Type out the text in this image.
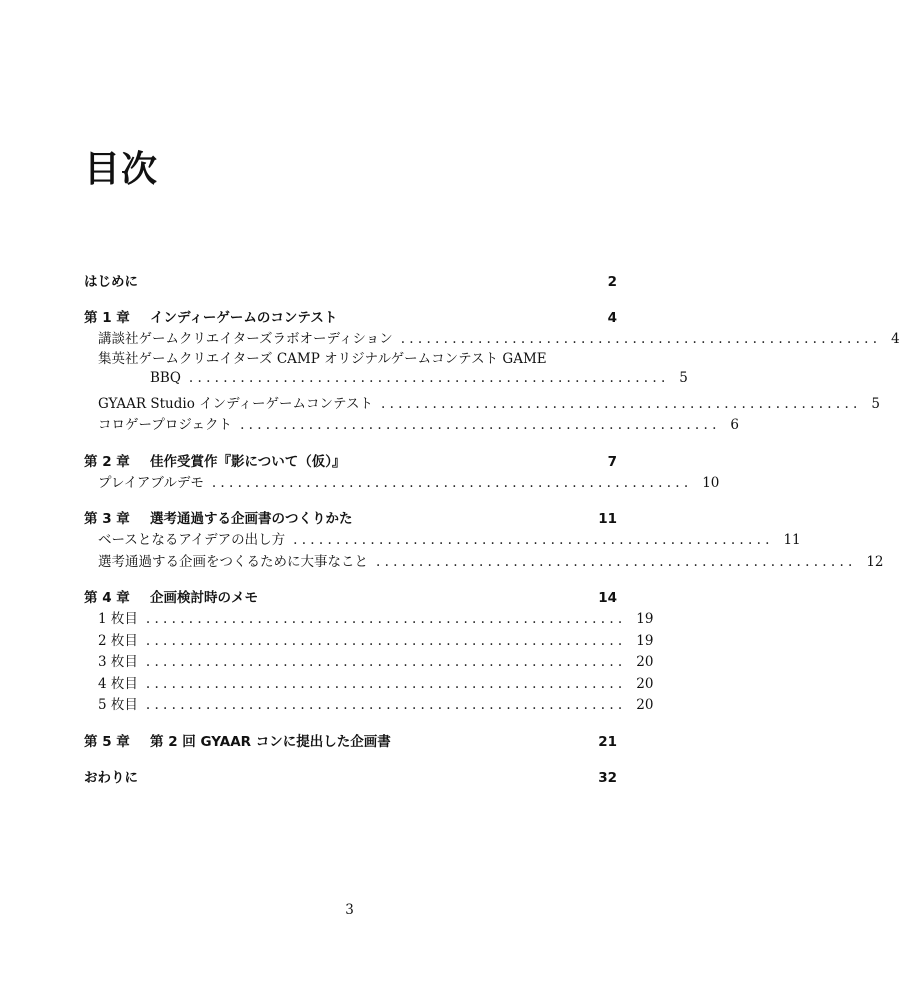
目次
はじめに	2
第 1 章	インディーゲームのコンテスト	4
講談社ゲームクリエイターズラボオーディション . . . . . . . . . . . . . . . . . . . . . . . . . . . . . . . . . . . . . . . . . . . . . . . . . . . . . . . . 4
集英社ゲームクリエイターズ CAMP オリジナルゲームコンテスト GAME
BBQ . . . . . . . . . . . . . . . . . . . . . . . . . . . . . . . . . . . . . . . . . . . . . . . . . . . . . . . . 5
GYAAR Studio インディーゲームコンテスト . . . . . . . . . . . . . . . . . . . . . . . . . . . . . . . . . . . . . . . . . . . . . . . . . . . . . . . . 5
コロゲープロジェクト . . . . . . . . . . . . . . . . . . . . . . . . . . . . . . . . . . . . . . . . . . . . . . . . . . . . . . . . 6
第 2 章	佳作受賞作『影について（仮）』	7
プレイアブルデモ . . . . . . . . . . . . . . . . . . . . . . . . . . . . . . . . . . . . . . . . . . . . . . . . . . . . . . . . 10
第 3 章	選考通過する企画書のつくりかた	11
ベースとなるアイデアの出し方 . . . . . . . . . . . . . . . . . . . . . . . . . . . . . . . . . . . . . . . . . . . . . . . . . . . . . . . . 11
選考通過する企画をつくるために大事なこと . . . . . . . . . . . . . . . . . . . . . . . . . . . . . . . . . . . . . . . . . . . . . . . . . . . . . . . . 12
第 4 章	企画検討時のメモ	14
1 枚目 . . . . . . . . . . . . . . . . . . . . . . . . . . . . . . . . . . . . . . . . . . . . . . . . . . . . . . . . 19
2 枚目 . . . . . . . . . . . . . . . . . . . . . . . . . . . . . . . . . . . . . . . . . . . . . . . . . . . . . . . . 19
3 枚目 . . . . . . . . . . . . . . . . . . . . . . . . . . . . . . . . . . . . . . . . . . . . . . . . . . . . . . . . 20
4 枚目 . . . . . . . . . . . . . . . . . . . . . . . . . . . . . . . . . . . . . . . . . . . . . . . . . . . . . . . . 20
5 枚目 . . . . . . . . . . . . . . . . . . . . . . . . . . . . . . . . . . . . . . . . . . . . . . . . . . . . . . . . 20
第 5 章	第 2 回 GYAAR コンに提出した企画書	21
おわりに	32
3
